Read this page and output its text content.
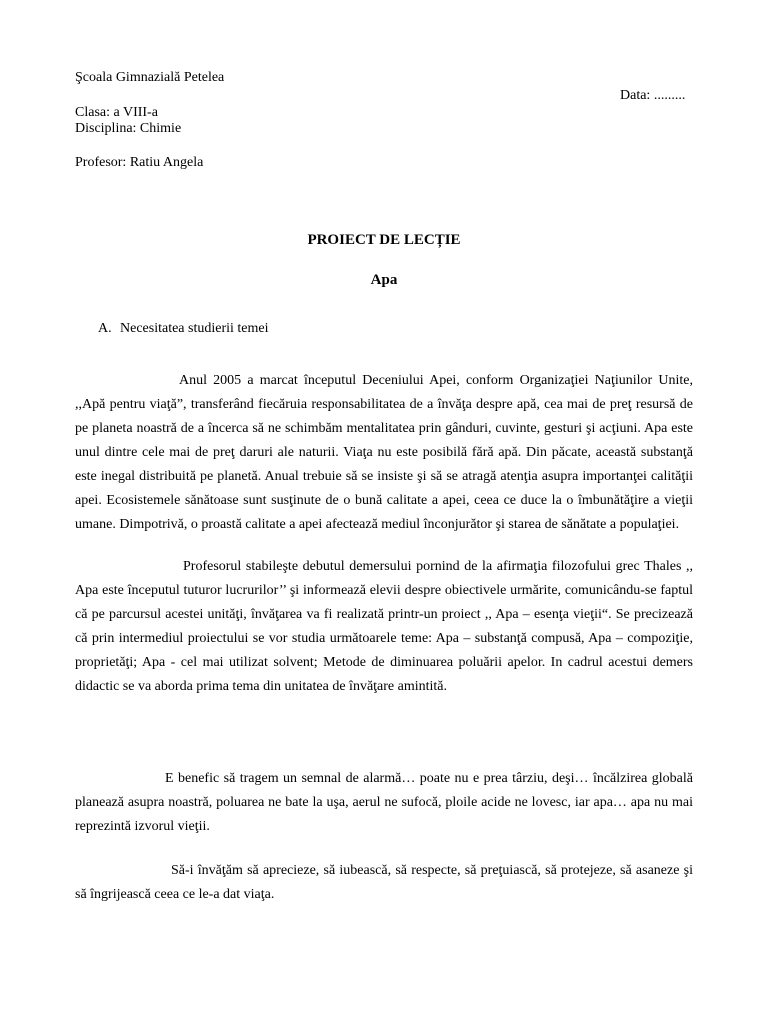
Şcoala Gimnazială Petelea
Data: .........
Clasa: a VIII-a
Disciplina: Chimie
Profesor: Ratiu Angela
PROIECT DE LECȚIE
Apa
A. Necesitatea studierii temei

Anul 2005 a marcat începutul Deceniului Apei, conform Organizaţiei Naţiunilor Unite, ,,Apă pentru viaţă”, transferând fiecăruia responsabilitatea de a învăţa despre apă, cea mai de preţ resursă de pe planeta noastră de a încerca să ne schimbăm mentalitatea prin gânduri, cuvinte, gesturi şi acţiuni. Apa este unul dintre cele mai de preţ daruri ale naturii. Viaţa nu este posibilă fără apă. Din păcate, această substanţă este inegal distribuită pe planetă. Anual trebuie să se insiste şi să se atragă atenţia asupra importanţei calităţii apei. Ecosistemele sănătoase sunt susţinute de o bună calitate a apei, ceea ce duce la o îmbunătăţire a vieţii umane. Dimpotrivă, o proastă calitate a apei afectează mediul înconjurător şi starea de sănătate a populaţiei.

Profesorul stabileşte debutul demersului pornind de la afirmaţia filozofului grec Thales ,, Apa este începutul tuturor lucrurilor’’ şi informează elevii despre obiectivele urmărite, comunicându-se faptul că pe parcursul acestei unităţi, învăţarea va fi realizată printr-un proiect ,, Apa – esenţa vieţii“. Se precizează că prin intermediul proiectului se vor studia următoarele teme: Apa – substanţă compusă, Apa – compoziţie, proprietăţi; Apa - cel mai utilizat solvent; Metode de diminuarea poluării apelor. In cadrul acestui demers didactic se va aborda prima tema din unitatea de învăţare amintită.

E benefic să tragem un semnal de alarmă… poate nu e prea târziu, deşi… încălzirea globală planează asupra noastră, poluarea ne bate la uşa, aerul ne sufocă, ploile acide ne lovesc, iar apa… apa nu mai reprezintă izvorul vieţii.

Să-i învăţăm să aprecieze, să iubească, să respecte, să preţuiască, să protejeze, să asaneze şi să îngrijească ceea ce le-a dat viaţa.
